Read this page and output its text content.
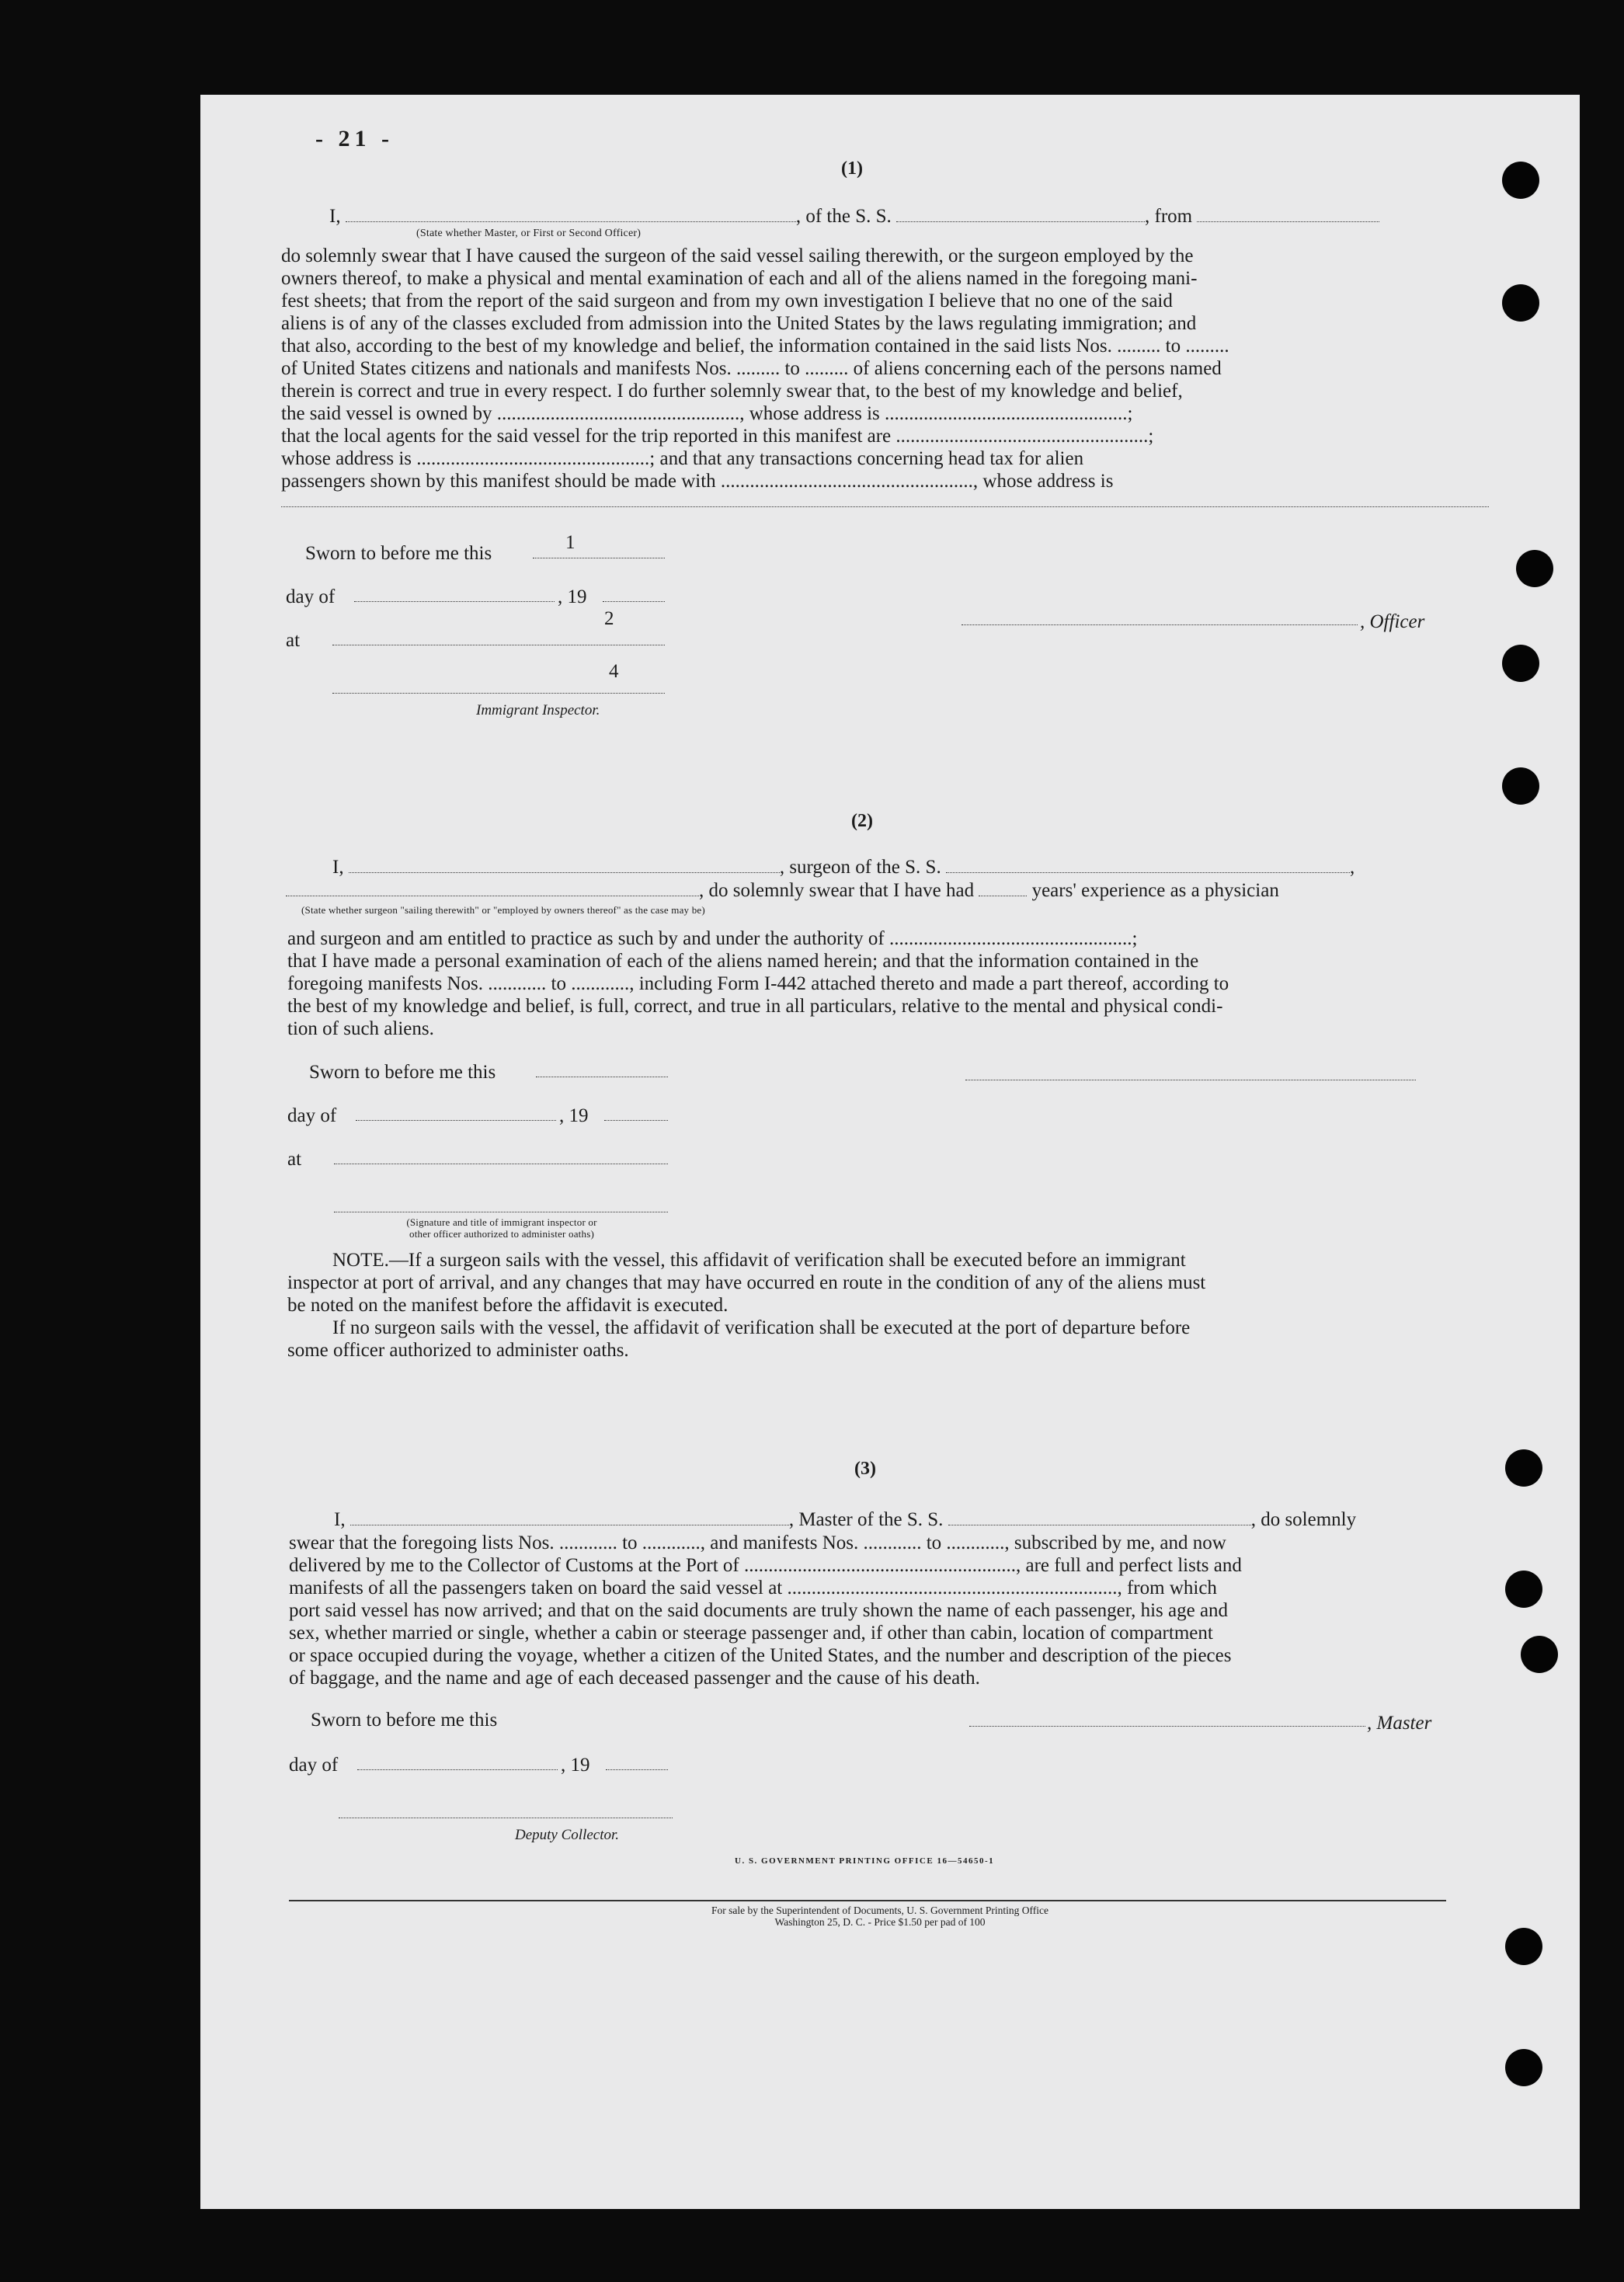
- 21 -
(1)
I,	, of the S. S.	, from
(State whether Master, or First or Second Officer)
do solemnly swear that I have caused the surgeon of the said vessel sailing therewith, or the surgeon employed by the
owners thereof, to make a physical and mental examination of each and all of the aliens named in the foregoing mani-
fest sheets; that from the report of the said surgeon and from my own investigation I believe that no one of the said
aliens is of any of the classes excluded from admission into the United States by the laws regulating immigration; and
that also, according to the best of my knowledge and belief, the information contained in the said lists Nos. ......... to .........
of United States citizens and nationals and manifests Nos. ......... to ......... of aliens concerning each of the persons named
therein is correct and true in every respect. I do further solemnly swear that, to the best of my knowledge and belief,
the said vessel is owned by .................................................., whose address is ..................................................;
that the local agents for the said vessel for the trip reported in this manifest are ....................................................;
whose address is ................................................; and that any transactions concerning head tax for alien
passengers shown by this manifest should be made with ...................................................., whose address is
Sworn to before me this
1
day of	, 19
at
2
4
Immigrant Inspector.
, Officer
(2)
I,	, surgeon of the S. S.	,
, do solemnly swear that I have had	years' experience as a physician
(State whether surgeon "sailing therewith" or "employed by owners thereof" as the case may be)
and surgeon and am entitled to practice as such by and under the authority of ..................................................;
that I have made a personal examination of each of the aliens named herein; and that the information contained in the
foregoing manifests Nos. ............ to ............, including Form I-442 attached thereto and made a part thereof, according to
the best of my knowledge and belief, is full, correct, and true in all particulars, relative to the mental and physical condi-
tion of such aliens.
Sworn to before me this
day of	, 19
at
(Signature and title of immigrant inspector or
other officer authorized to administer oaths)
NOTE.—If a surgeon sails with the vessel, this affidavit of verification shall be executed before an immigrant
inspector at port of arrival, and any changes that may have occurred en route in the condition of any of the aliens must
be noted on the manifest before the affidavit is executed.
If no surgeon sails with the vessel, the affidavit of verification shall be executed at the port of departure before
some officer authorized to administer oaths.
(3)
I,	, Master of the S. S.	, do solemnly
swear that the foregoing lists Nos. ............ to ............, and manifests Nos. ............ to ............, subscribed by me, and now
delivered by me to the Collector of Customs at the Port of ........................................................, are full and perfect lists and
manifests of all the passengers taken on board the said vessel at ...................................................................., from which
port said vessel has now arrived; and that on the said documents are truly shown the name of each passenger, his age and
sex, whether married or single, whether a cabin or steerage passenger and, if other than cabin, location of compartment
or space occupied during the voyage, whether a citizen of the United States, and the number and description of the pieces
of baggage, and the name and age of each deceased passenger and the cause of his death.
Sworn to before me this	, Master
day of	, 19
Deputy Collector.
U. S. GOVERNMENT PRINTING OFFICE 16—54650-1
For sale by the Superintendent of Documents, U. S. Government Printing Office
Washington 25, D. C. - Price $1.50 per pad of 100
